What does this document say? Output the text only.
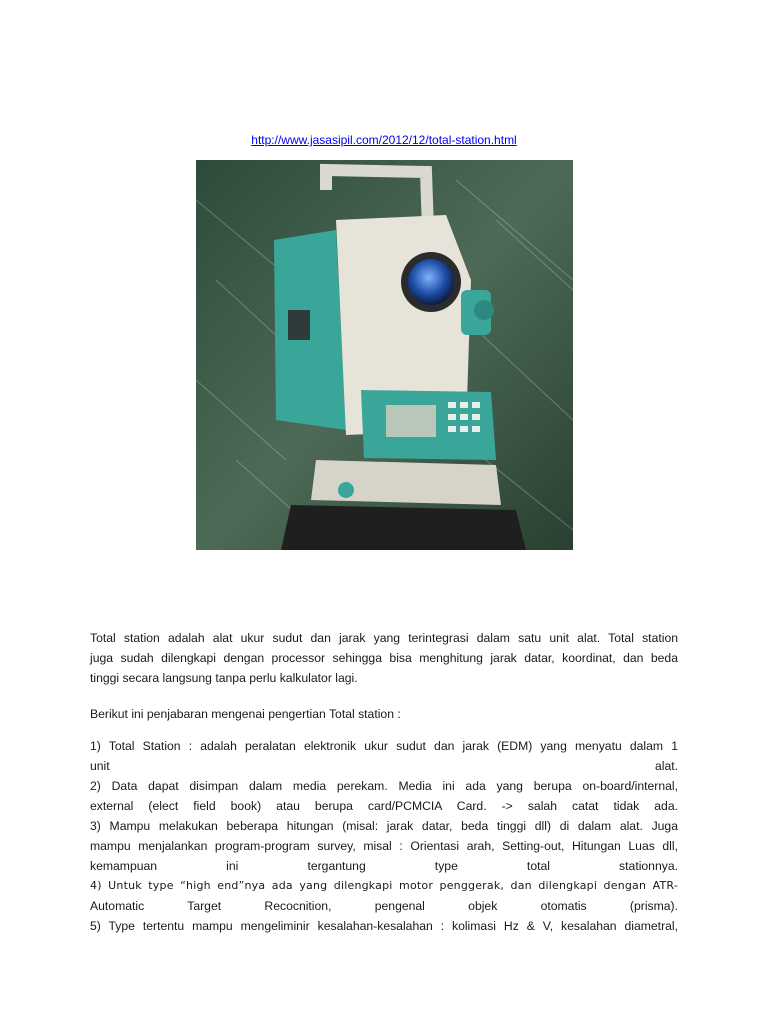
http://www.jasasipil.com/2012/12/total-station.html
Total station adalah alat ukur sudut dan jarak yang terintegrasi dalam satu unit alat. Total station
juga sudah dilengkapi dengan processor sehingga bisa menghitung jarak datar, koordinat, dan beda
tinggi secara langsung tanpa perlu kalkulator lagi.
Berikut ini penjabaran mengenai pengertian Total station :
1) Total Station : adalah peralatan elektronik ukur sudut dan jarak (EDM) yang menyatu dalam 1
unit alat.
2) Data dapat disimpan dalam media perekam. Media ini ada yang berupa on-board/internal,
external (elect field book) atau berupa card/PCMCIA Card. -> salah catat tidak ada.
3) Mampu melakukan beberapa hitungan (misal: jarak datar, beda tinggi dll) di dalam alat. Juga
mampu menjalankan program-program survey, misal : Orientasi arah, Setting-out, Hitungan Luas dll,
kemampuan ini tergantung type total stationnya.
4) Untuk type “high end”nya ada yang dilengkapi motor penggerak, dan dilengkapi dengan ATR-
Automatic Target Recocnition, pengenal objek otomatis (prisma).
5) Type tertentu mampu mengeliminir kesalahan-kesalahan : kolimasi Hz & V, kesalahan diametral,
